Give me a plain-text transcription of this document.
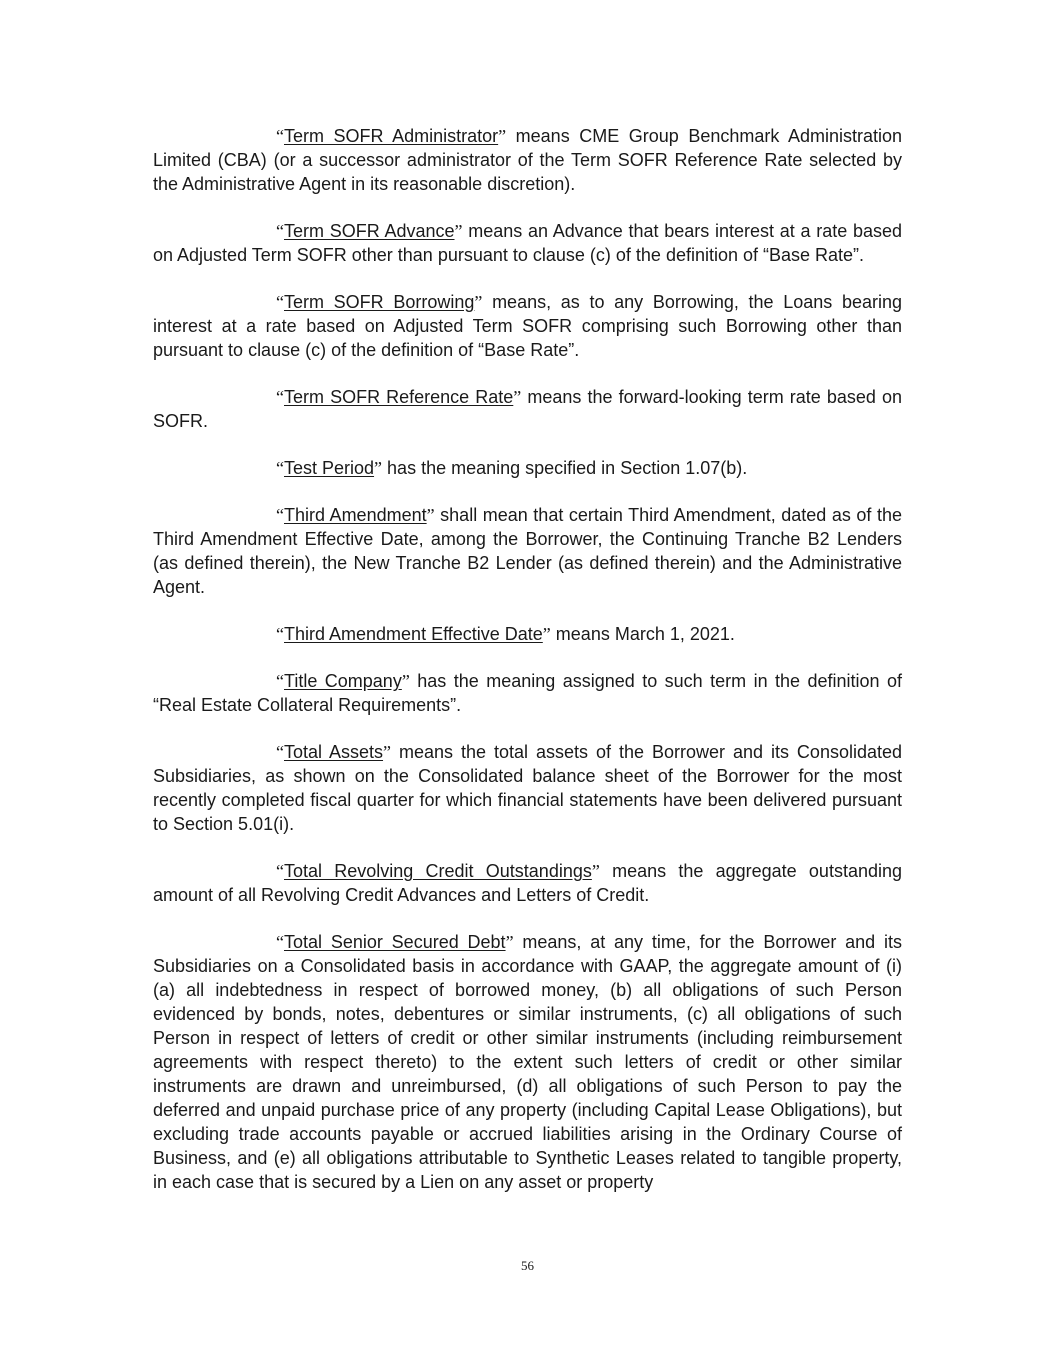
“Term SOFR Administrator” means CME Group Benchmark Administration Limited (CBA) (or a successor administrator of the Term SOFR Reference Rate selected by the Administrative Agent in its reasonable discretion).

“Term SOFR Advance” means an Advance that bears interest at a rate based on Adjusted Term SOFR other than pursuant to clause (c) of the definition of “Base Rate”.

“Term SOFR Borrowing” means, as to any Borrowing, the Loans bearing interest at a rate based on Adjusted Term SOFR comprising such Borrowing other than pursuant to clause (c) of the definition of “Base Rate”.

“Term SOFR Reference Rate” means the forward-looking term rate based on SOFR.

“Test Period” has the meaning specified in Section 1.07(b).

“Third Amendment” shall mean that certain Third Amendment, dated as of the Third Amendment Effective Date, among the Borrower, the Continuing Tranche B2 Lenders (as defined therein), the New Tranche B2 Lender (as defined therein) and the Administrative Agent.

“Third Amendment Effective Date” means March 1, 2021.

“Title Company” has the meaning assigned to such term in the definition of “Real Estate Collateral Requirements”.

“Total Assets” means the total assets of the Borrower and its Consolidated Subsidiaries, as shown on the Consolidated balance sheet of the Borrower for the most recently completed fiscal quarter for which financial statements have been delivered pursuant to Section 5.01(i).

“Total Revolving Credit Outstandings” means the aggregate outstanding amount of all Revolving Credit Advances and Letters of Credit.

“Total Senior Secured Debt” means, at any time, for the Borrower and its Subsidiaries on a Consolidated basis in accordance with GAAP, the aggregate amount of (i) (a) all indebtedness in respect of borrowed money, (b) all obligations of such Person evidenced by bonds, notes, debentures or similar instruments, (c) all obligations of such Person in respect of letters of credit or other similar instruments (including reimbursement agreements with respect thereto) to the extent such letters of credit or other similar instruments are drawn and unreimbursed, (d) all obligations of such Person to pay the deferred and unpaid purchase price of any property (including Capital Lease Obligations), but excluding trade accounts payable or accrued liabilities arising in the Ordinary Course of Business, and (e) all obligations attributable to Synthetic Leases related to tangible property, in each case that is secured by a Lien on any asset or property

56
